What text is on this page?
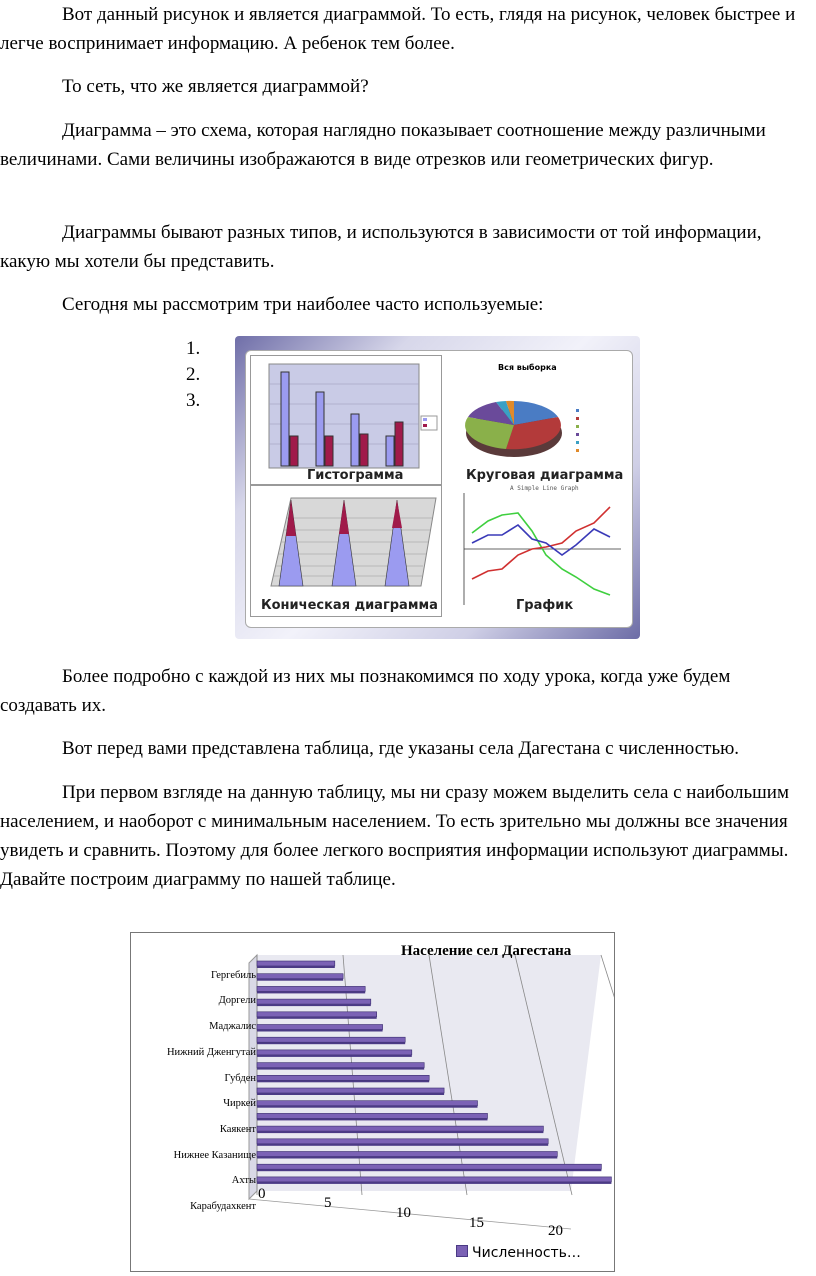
Вот данный рисунок и является диаграммой. То есть, глядя на рисунок, человек быстрее и легче воспринимает информацию. А ребенок тем более.

То сеть, что же является диаграммой?

Диаграмма – это схема, которая наглядно показывает соотношение между различными величинами. Сами величины изображаются в виде отрезков или геометрических фигур.

Диаграммы бывают разных типов, и используются в зависимости от той информации, какую мы хотели бы представить.

Сегодня мы рассмотрим три наиболее часто используемые:

1.
2.
3.
Гистограмма
Вся выборка
Круговая диаграмма
Коническая диаграмма
A Simple Line Graph
График

Более подробно с каждой из них мы познакомимся по ходу урока, когда уже будем создавать их.

Вот перед вами представлена таблица, где указаны села Дагестана с численностью.

При первом взгляде на данную таблицу, мы ни сразу можем выделить села с наибольшим населением, и наоборот с минимальным населением. То есть зрительно мы должны все значения увидеть и сравнить. Поэтому для более легкого восприятия информации используют диаграммы. Давайте построим диаграмму по нашей таблице.

Население сел Дагестана
Гергебиль
Доргели
Маджалис
Нижний Дженгутай
Губден
Чиркей
Каякент
Нижнее Казанище
Ахты
Карабудахкент
0
5
10
15	20
Численность…
